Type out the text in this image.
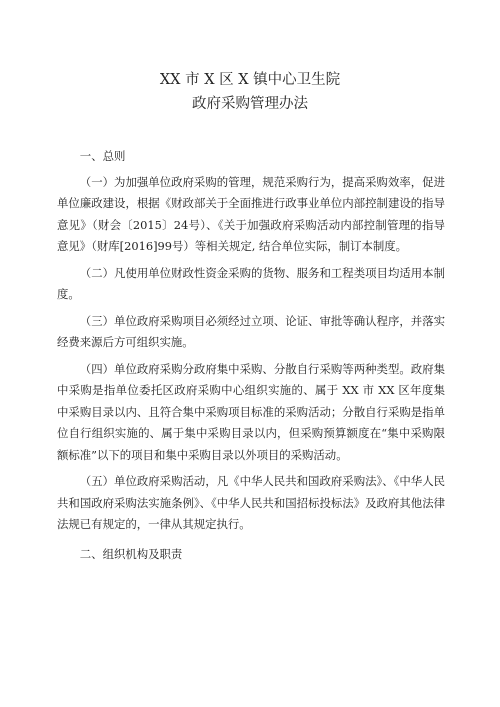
XX 市 X 区 X 镇中心卫生院
政府采购管理办法

一、总则

（一）为加强单位政府采购的管理，规范采购行为，提高采购效率，促进单位廉政建设，根据《财政部关于全面推进行政事业单位内部控制建设的指导意见》（财会〔2015〕24号）、《关于加强政府采购活动内部控制管理的指导意见》（财库[2016]99号）等相关规定, 结合单位实际，制订本制度。

（二）凡使用单位财政性资金采购的货物、服务和工程类项目均适用本制度。

（三）单位政府采购项目必须经过立项、论证、审批等确认程序，并落实经费来源后方可组织实施。

（四）单位政府采购分政府集中采购、分散自行采购等两种类型。政府集中采购是指单位委托区政府采购中心组织实施的、属于 XX 市 XX 区年度集中采购目录以内、且符合集中采购项目标准的采购活动；分散自行采购是指单位自行组织实施的、属于集中采购目录以内，但采购预算额度在“集中采购限额标准”以下的项目和集中采购目录以外项目的采购活动。

（五）单位政府采购活动，凡《中华人民共和国政府采购法》、《中华人民共和国政府采购法实施条例》、《中华人民共和国招标投标法》及政府其他法律法规已有规定的，一律从其规定执行。

二、组织机构及职责
